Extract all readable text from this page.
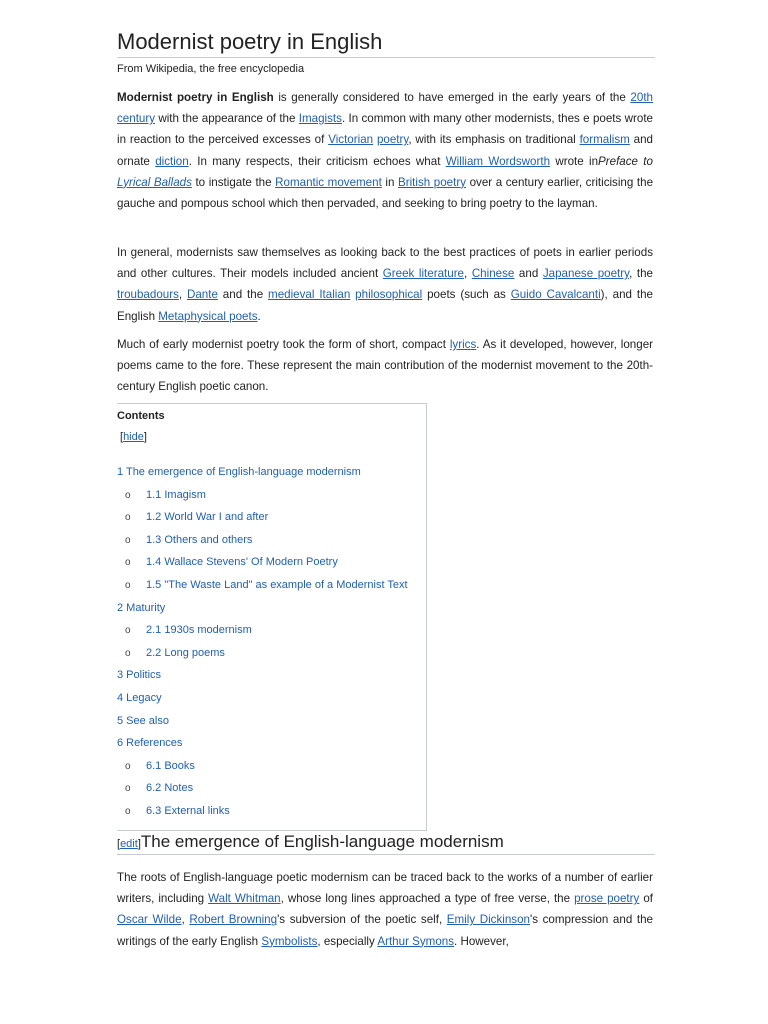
Modernist poetry in English
From Wikipedia, the free encyclopedia

Modernist poetry in English is generally considered to have emerged in the early years of the 20th century with the appearance of the Imagists. In common with many other modernists, thes e poets wrote in reaction to the perceived excesses of Victorian poetry, with its emphasis on traditional formalism and ornate diction. In many respects, their criticism echoes what William Wordsworth wrote inPreface to Lyrical Ballads to instigate the Romantic movement in British poetry over a century earlier, criticising the gauche and pompous school which then pervaded, and seeking to bring poetry to the layman.

In general, modernists saw themselves as looking back to the best practices of poets in earlier periods and other cultures. Their models included ancient Greek literature, Chinese and Japanese poetry, the troubadours, Dante and the medieval Italian philosophical poets (such as Guido Cavalcanti), and the English Metaphysical poets.

Much of early modernist poetry took the form of short, compact lyrics. As it developed, however, longer poems came to the fore. These represent the main contribution of the modernist movement to the 20th-century English poetic canon.

Contents
[hide]
1 The emergence of English-language modernism
o 1.1 Imagism
o 1.2 World War I and after
o 1.3 Others and others
o 1.4 Wallace Stevens' Of Modern Poetry
o 1.5 "The Waste Land" as example of a Modernist Text
2 Maturity
o 2.1 1930s modernism
o 2.2 Long poems
3 Politics
4 Legacy
5 See also
6 References
o 6.1 Books
o 6.2 Notes
o 6.3 External links
[edit]The emergence of English-language modernism

The roots of English-language poetic modernism can be traced back to the works of a number of earlier writers, including Walt Whitman, whose long lines approached a type of free verse, the prose poetry of Oscar Wilde, Robert Browning's subversion of the poetic self, Emily Dickinson's compression and the writings of the early English Symbolists, especially Arthur Symons. However,
